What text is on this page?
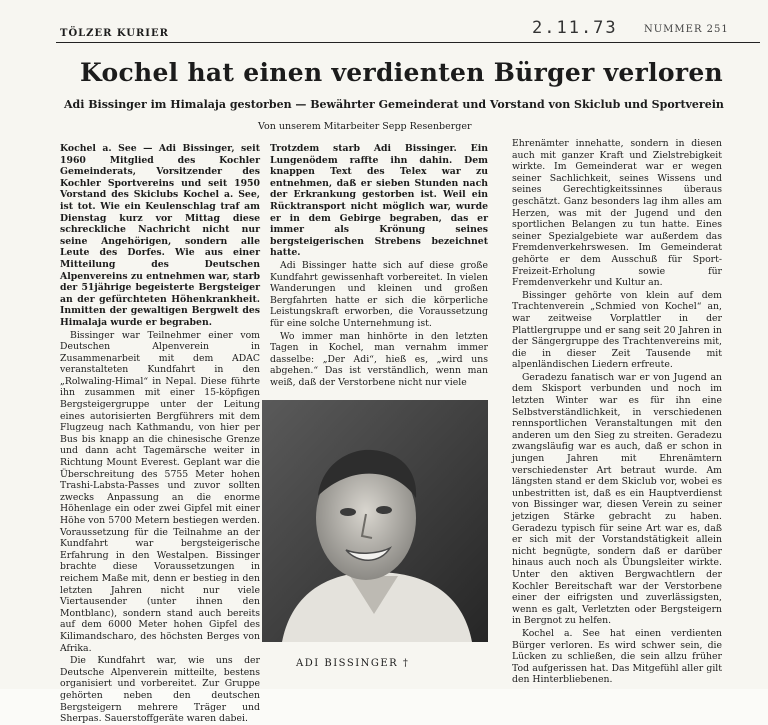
TÖLZER KURIER	2.11.73	NUMMER 251
Kochel hat einen verdienten Bürger verloren
Adi Bissinger im Himalaja gestorben — Bewährter Gemeinderat und Vorstand von Skiclub und Sportverein
Von unserem Mitarbeiter Sepp Resenberger

Kochel a. See — Adi Bissinger, seit 1960 Mitglied des Kochler Gemeinderats, Vorsitzender des Kochler Sportvereins und seit 1950 Vorstand des Skiclubs Kochel a. See, ist tot. Wie ein Keulenschlag traf am Dienstag kurz vor Mittag diese schreckliche Nachricht nicht nur seine Angehörigen, sondern alle Leute des Dorfes. Wie aus einer Mitteilung des Deutschen Alpenvereins zu entnehmen war, starb der 51jährige begeisterte Bergsteiger an der gefürchteten Höhenkrankheit. Inmitten der gewaltigen Bergwelt des Himalaja wurde er begraben.

Bissinger war Teilnehmer einer vom Deutschen Alpenverein in Zusammenarbeit mit dem ADAC veranstalteten Kundfahrt in den „Rolwaling-Himal“ in Nepal. Diese führte ihn zusammen mit einer 15-köpfigen Bergsteigergruppe unter der Leitung eines autorisierten Bergführers mit dem Flugzeug nach Kathmandu, von hier per Bus bis knapp an die chinesische Grenze und dann acht Tagemärsche weiter in Richtung Mount Everest. Geplant war die Überschreitung des 5755 Meter hohen Trashi-Labsta-Passes und zuvor sollten zwecks Anpassung an die enorme Höhenlage ein oder zwei Gipfel mit einer Höhe von 5700 Metern bestiegen werden. Voraussetzung für die Teilnahme an der Kundfahrt war bergsteigerische Erfahrung in den Westalpen. Bissinger brachte diese Voraussetzungen in reichem Maße mit, denn er bestieg in den letzten Jahren nicht nur viele Viertausender (unter ihnen den Montblanc), sondern stand auch bereits auf dem 6000 Meter hohen Gipfel des Kilimandscharo, des höchsten Berges von Afrika.

Die Kundfahrt war, wie uns der Deutsche Alpenverein mitteilte, bestens organisiert und vorbereitet. Zur Gruppe gehörten neben den deutschen Bergsteigern mehrere Träger und Sherpas. Sauerstoffgeräte waren dabei.

Trotzdem starb Adi Bissinger. Ein Lungenödem raffte ihn dahin. Dem knappen Text des Telex war zu entnehmen, daß er sieben Stunden nach der Erkrankung gestorben ist. Weil ein Rücktransport nicht möglich war, wurde er in dem Gebirge begraben, das er immer als Krönung seines bergsteigerischen Strebens bezeichnet hatte.

Adi Bissinger hatte sich auf diese große Kundfahrt gewissenhaft vorbereitet. In vielen Wanderungen und kleinen und großen Bergfahrten hatte er sich die körperliche Leistungskraft erworben, die Voraussetzung für eine solche Unternehmung ist.

Wo immer man hinhörte in den letzten Tagen in Kochel, man vernahm immer dasselbe: „Der Adi“, hieß es, „wird uns abgehen.“ Das ist verständlich, wenn man weiß, daß der Verstorbene nicht nur viele

ADI BISSINGER †

Ehrenämter innehatte, sondern in diesen auch mit ganzer Kraft und Zielstrebigkeit wirkte. Im Gemeinderat war er wegen seiner Sachlichkeit, seines Wissens und seines Gerechtigkeitssinnes überaus geschätzt. Ganz besonders lag ihm alles am Herzen, was mit der Jugend und den sportlichen Belangen zu tun hatte. Eines seiner Spezialgebiete war außerdem das Fremdenverkehrswesen. Im Gemeinderat gehörte er dem Ausschuß für Sport-Freizeit-Erholung sowie für Fremdenverkehr und Kultur an.

Bissinger gehörte von klein auf dem Trachtenverein „Schmied von Kochel“ an, war zeitweise Vorplattler in der Plattlergruppe und er sang seit 20 Jahren in der Sängergruppe des Trachtenvereins mit, die in dieser Zeit Tausende mit alpenländischen Liedern erfreute.

Geradezu fanatisch war er von Jugend an dem Skisport verbunden und noch im letzten Winter war es für ihn eine Selbstverständlichkeit, in verschiedenen rennsportlichen Veranstaltungen mit den anderen um den Sieg zu streiten. Geradezu zwangsläufig war es auch, daß er schon in jungen Jahren mit Ehrenämtern verschiedenster Art betraut wurde. Am längsten stand er dem Skiclub vor, wobei es unbestritten ist, daß es ein Hauptverdienst von Bissinger war, diesen Verein zu seiner jetzigen Stärke gebracht zu haben. Geradezu typisch für seine Art war es, daß er sich mit der Vorstandstätigkeit allein nicht begnügte, sondern daß er darüber hinaus auch noch als Übungsleiter wirkte. Unter den aktiven Bergwachtlern der Kochler Bereitschaft war der Verstorbene einer der eifrigsten und zuverlässigsten, wenn es galt, Verletzten oder Bergsteigern in Bergnot zu helfen.

Kochel a. See hat einen verdienten Bürger verloren. Es wird schwer sein, die Lücken zu schließen, die sein allzu früher Tod aufgerissen hat. Das Mitgefühl aller gilt den Hinterbliebenen.
